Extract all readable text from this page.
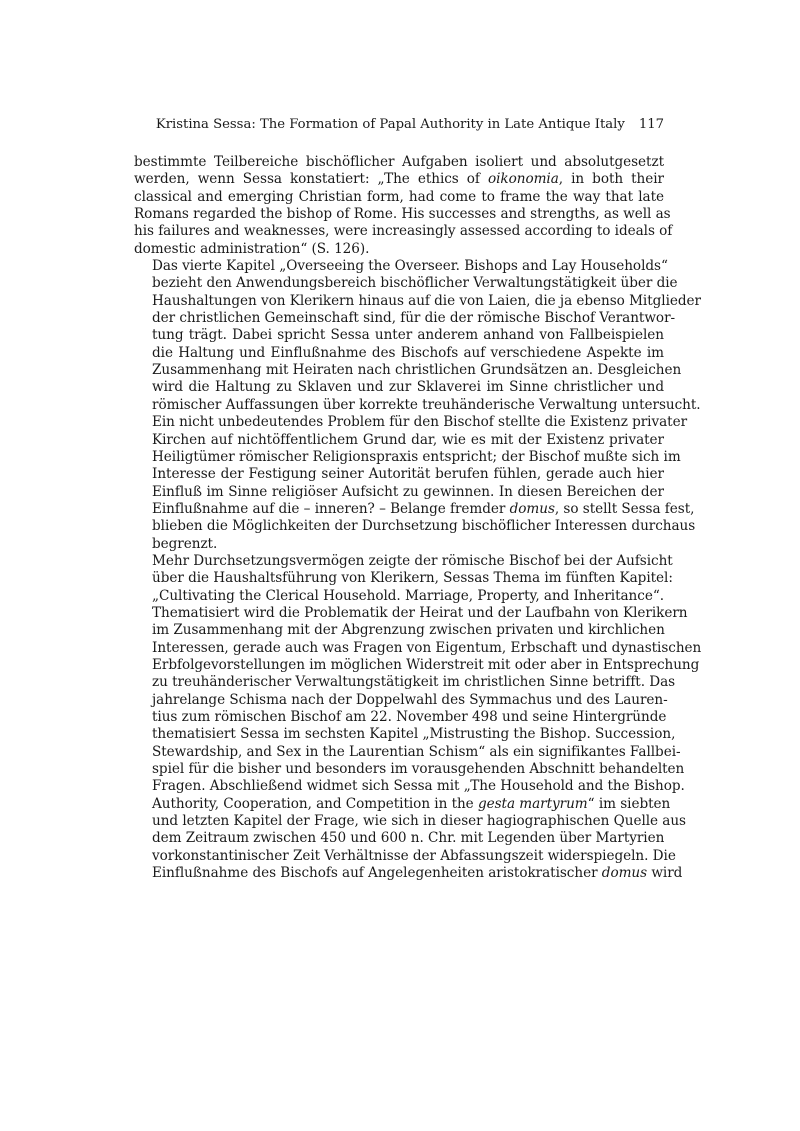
Kristina Sessa: The Formation of Papal Authority in Late Antique Italy 117

bestimmte Teilbereiche bischöflicher Aufgaben isoliert und absolutgesetzt
werden, wenn Sessa konstatiert: „The ethics of oikonomia, in both their
classical and emerging Christian form, had come to frame the way that late
Romans regarded the bishop of Rome. His successes and strengths, as well as
his failures and weaknesses, were increasingly assessed according to ideals of
domestic administration“ (S. 126).

Das vierte Kapitel „Overseeing the Overseer. Bishops and Lay Households“
bezieht den Anwendungsbereich bischöflicher Verwaltungstätigkeit über die
Haushaltungen von Klerikern hinaus auf die von Laien, die ja ebenso Mitglieder
der christlichen Gemeinschaft sind, für die der römische Bischof Verantwor-
tung trägt. Dabei spricht Sessa unter anderem anhand von Fallbeispielen
die Haltung und Einflußnahme des Bischofs auf verschiedene Aspekte im
Zusammenhang mit Heiraten nach christlichen Grundsätzen an. Desgleichen
wird die Haltung zu Sklaven und zur Sklaverei im Sinne christlicher und
römischer Auffassungen über korrekte treuhänderische Verwaltung untersucht.
Ein nicht unbedeutendes Problem für den Bischof stellte die Existenz privater
Kirchen auf nichtöffentlichem Grund dar, wie es mit der Existenz privater
Heiligtümer römischer Religionspraxis entspricht; der Bischof mußte sich im
Interesse der Festigung seiner Autorität berufen fühlen, gerade auch hier
Einfluß im Sinne religiöser Aufsicht zu gewinnen. In diesen Bereichen der
Einflußnahme auf die – inneren? – Belange fremder domus, so stellt Sessa fest,
blieben die Möglichkeiten der Durchsetzung bischöflicher Interessen durchaus
begrenzt.

Mehr Durchsetzungsvermögen zeigte der römische Bischof bei der Aufsicht
über die Haushaltsführung von Klerikern, Sessas Thema im fünften Kapitel:
„Cultivating the Clerical Household. Marriage, Property, and Inheritance“.
Thematisiert wird die Problematik der Heirat und der Laufbahn von Klerikern
im Zusammenhang mit der Abgrenzung zwischen privaten und kirchlichen
Interessen, gerade auch was Fragen von Eigentum, Erbschaft und dynastischen
Erbfolgevorstellungen im möglichen Widerstreit mit oder aber in Entsprechung
zu treuhänderischer Verwaltungstätigkeit im christlichen Sinne betrifft. Das
jahrelange Schisma nach der Doppelwahl des Symmachus und des Lauren-
tius zum römischen Bischof am 22. November 498 und seine Hintergründe
thematisiert Sessa im sechsten Kapitel „Mistrusting the Bishop. Succession,
Stewardship, and Sex in the Laurentian Schism“ als ein signifikantes Fallbei-
spiel für die bisher und besonders im vorausgehenden Abschnitt behandelten
Fragen. Abschließend widmet sich Sessa mit „The Household and the Bishop.
Authority, Cooperation, and Competition in the gesta martyrum“ im siebten
und letzten Kapitel der Frage, wie sich in dieser hagiographischen Quelle aus
dem Zeitraum zwischen 450 und 600 n. Chr. mit Legenden über Martyrien
vorkonstantinischer Zeit Verhältnisse der Abfassungszeit widerspiegeln. Die
Einflußnahme des Bischofs auf Angelegenheiten aristokratischer domus wird
